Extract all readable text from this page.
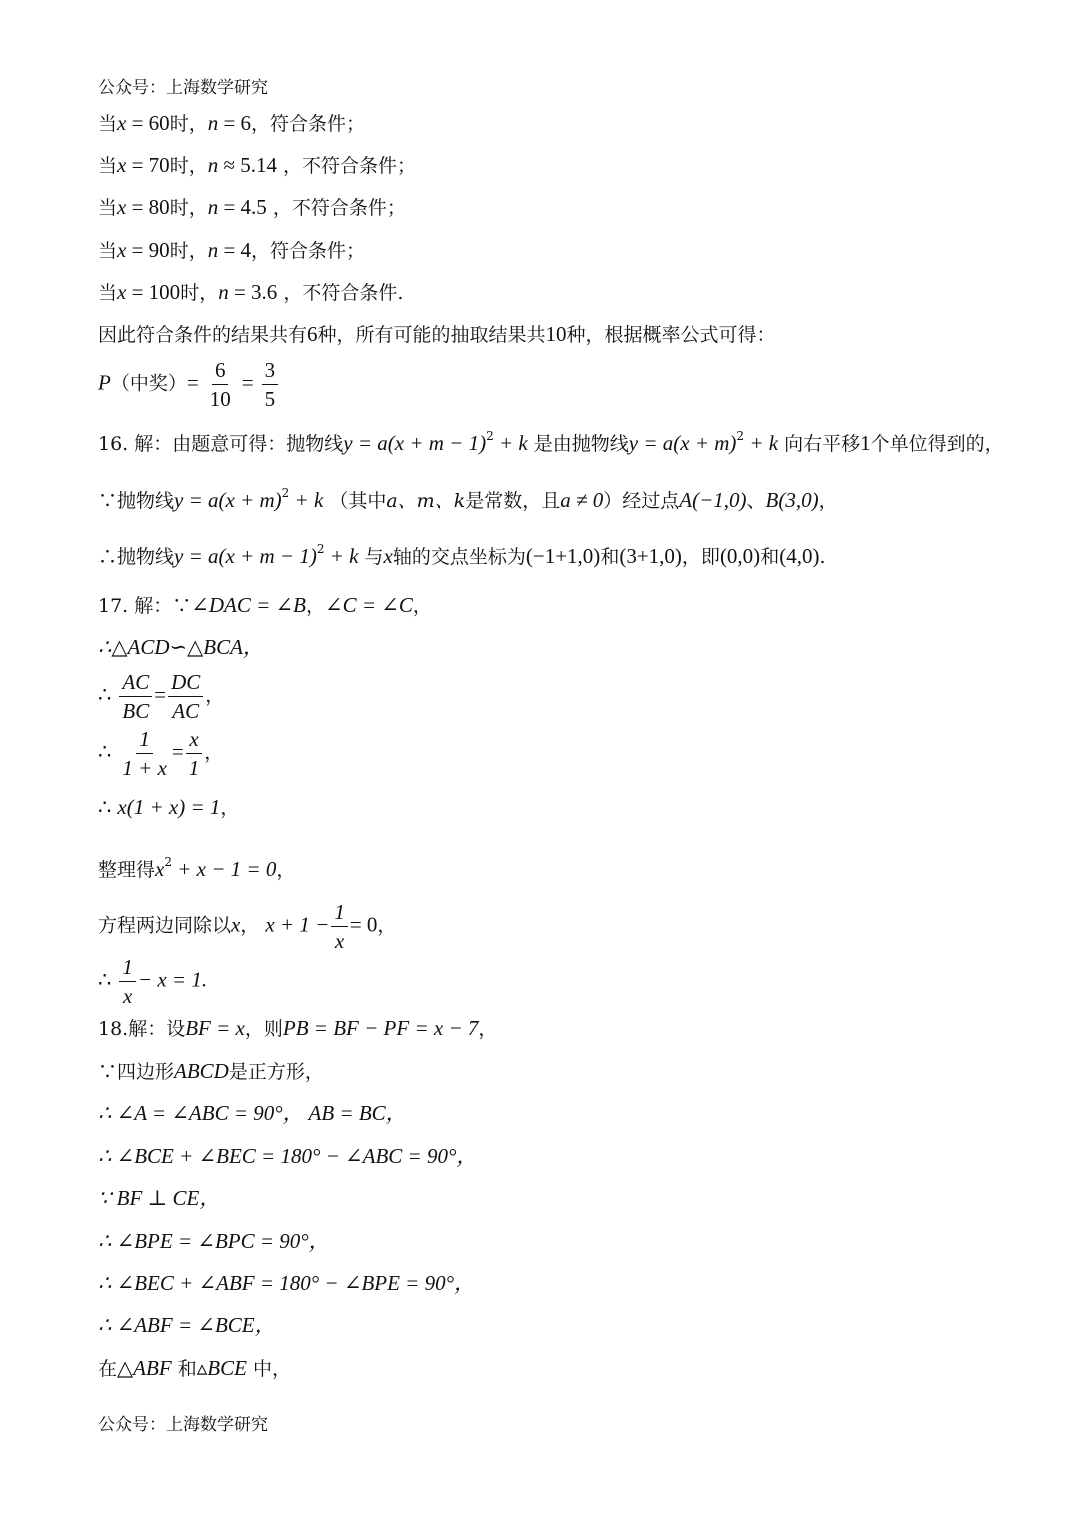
公众号：上海数学研究
当x = 60时，n = 6，符合条件；
当x = 70时，n ≈ 5.14 ，不符合条件；
当x = 80时，n = 4.5 ，不符合条件；
当x = 90时，n = 4，符合条件；
当x = 100时，n = 3.6 ，不符合条件.
因此符合条件的结果共有6种，所有可能的抽取结果共10种，根据概率公式可得：
P（中奖）= $\frac{6}{10} = \frac{3}{5}$
16. 解：由题意可得：抛物线$y = a(x + m - 1)^2 + k$ 是由抛物线$y = a(x + m)^2 + k$ 向右平移1个单位得到的，
∵抛物线$y = a(x + m)^2 + k$ （其中a、m、k是常数，且a ≠ 0）经过点A(−1,0)、B(3,0)，
∴抛物线$y = a(x + m - 1)^2 + k$ 与x轴的交点坐标为(−1+1,0)和(3+1,0)，即(0,0)和(4,0).
17. 解：∵∠DAC = ∠B，∠C = ∠C，
∴△ACD∽△BCA，
∴ $\frac{AC}{BC} = \frac{DC}{AC}$ ，
∴ $\frac{1}{1 + x} = \frac{x}{1}$ ，
∴ x(1 + x) = 1，
整理得$x^2 + x - 1 = 0$，
方程两边同除以x， $x + 1 - \frac{1}{x} = 0$，
∴ $\frac{1}{x} - x = 1$.
18.解：设BF = x，则PB = BF − PF = x − 7，
∵四边形ABCD是正方形，
∴ ∠A = ∠ABC = 90°， AB = BC，
∴ ∠BCE + ∠BEC = 180° − ∠ABC = 90°，
∵ BF ⊥ CE，
∴ ∠BPE = ∠BPC = 90°，
∴ ∠BEC + ∠ABF = 180° − ∠BPE = 90°，
∴ ∠ABF = ∠BCE，
在△ABF 和▵BCE 中，
公众号：上海数学研究
